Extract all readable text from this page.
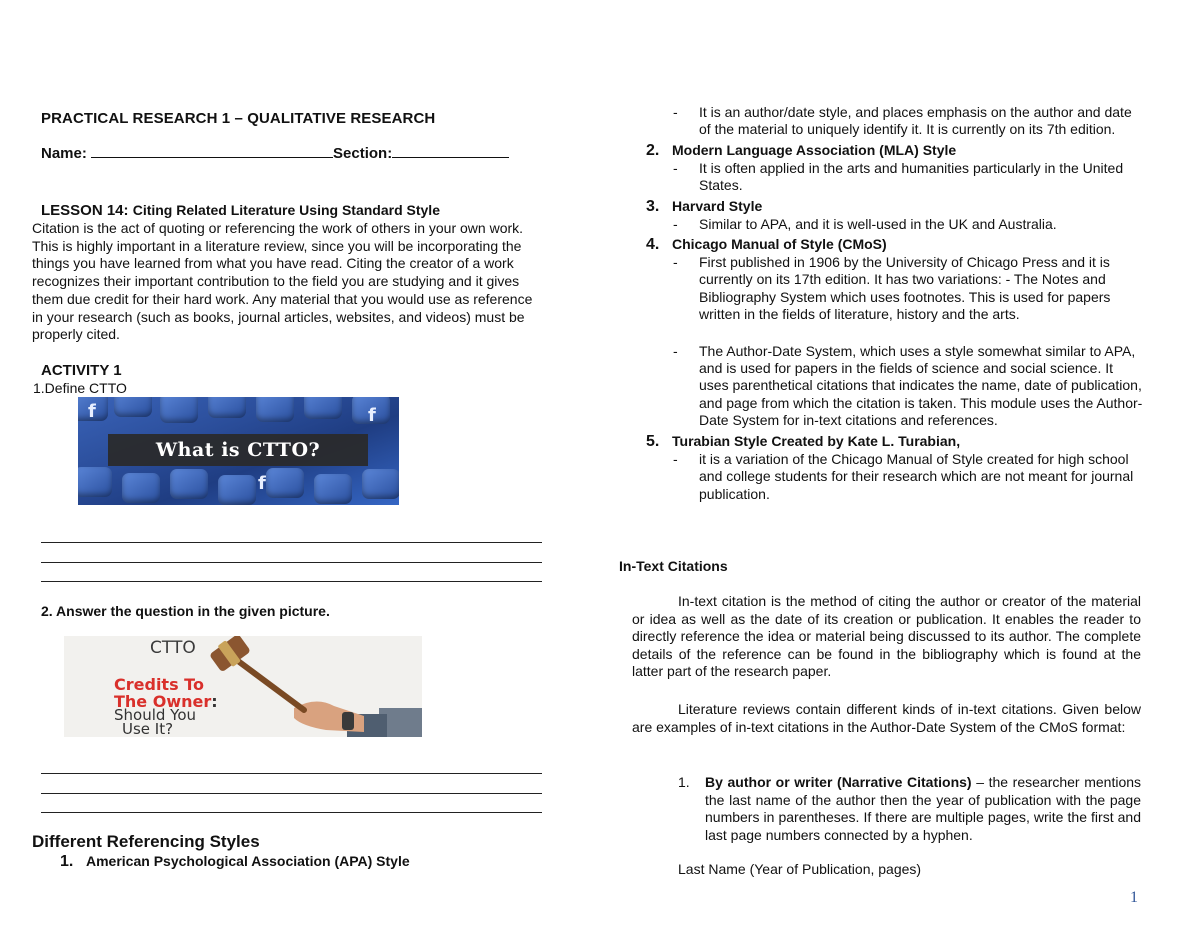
PRACTICAL RESEARCH 1 – QUALITATIVE RESEARCH
Name:	Section:
LESSON 14: Citing Related Literature Using Standard Style
Citation is the act of quoting or referencing the work of others in your own work. This is highly important in a literature review, since you will be incorporating the things you have learned from what you have read. Citing the creator of a work recognizes their important contribution to the field you are studying and it gives them due credit for their hard work. Any material that you would use as reference in your research (such as books, journal articles, websites, and videos) must be properly cited.
ACTIVITY 1
1.Define CTTO
f	f
f
What is CTTO?
2. Answer the question in the given picture.
CTTO
Credits To
The Owner:
Should You
Use It?
Different Referencing Styles
1. American Psychological Association (APA) Style
-	It is an author/date style, and places emphasis on the author and date of the material to uniquely identify it. It is currently on its 7th edition.
2. Modern Language Association (MLA) Style
-	It is often applied in the arts and humanities particularly in the United States.
3. Harvard Style
-	Similar to APA, and it is well-used in the UK and Australia.
4. Chicago Manual of Style (CMoS)
-	First published in 1906 by the University of Chicago Press and it is currently on its 17th edition. It has two variations: - The Notes and Bibliography System which uses footnotes. This is used for papers written in the fields of literature, history and the arts.
-	The Author-Date System, which uses a style somewhat similar to APA, and is used for papers in the fields of science and social science. It uses parenthetical citations that indicates the name, date of publication, and page from which the citation is taken. This module uses the Author-Date System for in-text citations and references.
5. Turabian Style Created by Kate L. Turabian,
-	it is a variation of the Chicago Manual of Style created for high school and college students for their research which are not meant for journal publication.
In-Text Citations
In-text citation is the method of citing the author or creator of the material or idea as well as the date of its creation or publication. It enables the reader to directly reference the idea or material being discussed to its author. The complete details of the reference can be found in the bibliography which is found at the latter part of the research paper.
Literature reviews contain different kinds of in-text citations. Given below are examples of in-text citations in the Author-Date System of the CMoS format:
1.	By author or writer (Narrative Citations) – the researcher mentions the last name of the author then the year of publication with the page numbers in parentheses. If there are multiple pages, write the first and last page numbers connected by a hyphen.
Last Name (Year of Publication, pages)
1
